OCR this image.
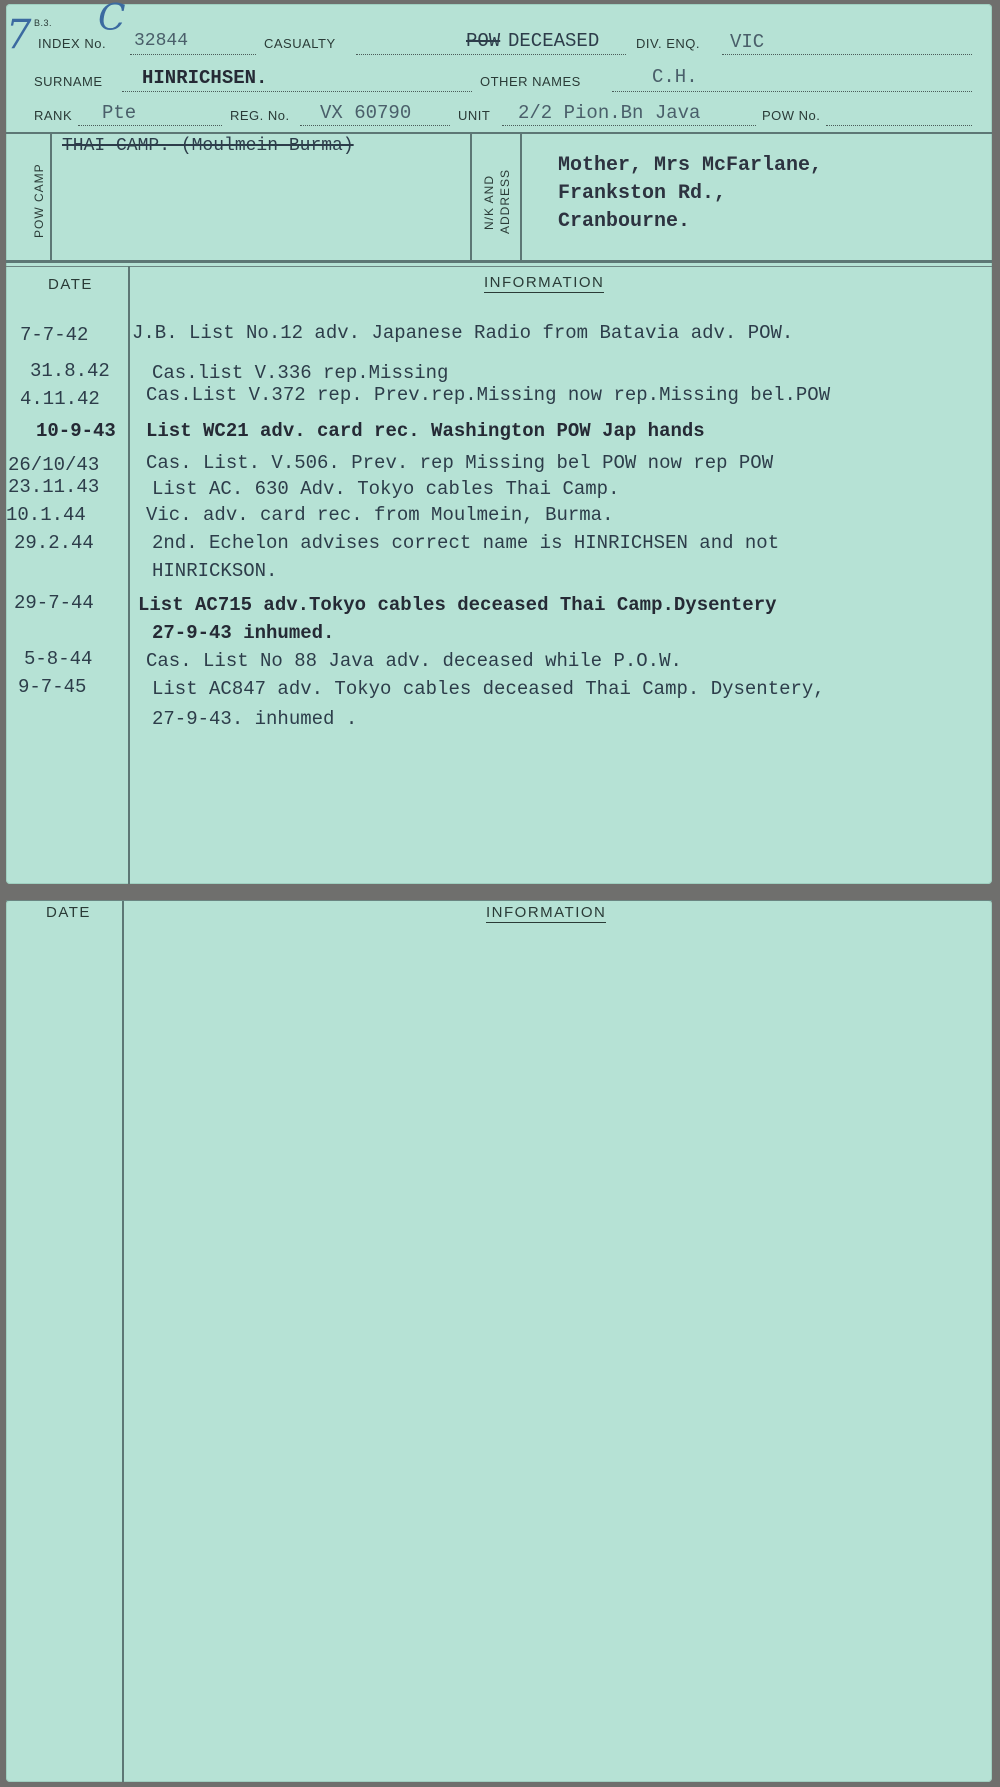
7 C
B.3.
INDEX No. 32844	CASUALTY	POW DECEASED	DIV. ENQ. VIC
SURNAME HINRICHSEN.	OTHER NAMES	C.H.
RANK Pte	REG. No. VX 60790	UNIT 2/2 Pion.Bn Java	POW No.
POW CAMP
THAI CAMP. (Moulmein Burma)
N/K AND ADDRESS
Mother, Mrs McFarlane,
Frankston Rd.,
Cranbourne.
DATE	INFORMATION
7-7-42 J.B. List No.12 adv. Japanese Radio from Batavia adv. POW.
31.8.42 Cas.list V.336 rep.Missing
4.11.42 Cas.List V.372 rep. Prev.rep.Missing now rep.Missing bel.POW
10-9-43 List WC21 adv. card rec. Washington POW Jap hands
26/10/43 Cas. List. V.506. Prev. rep Missing bel POW now rep POW
23.11.43	List AC. 630 Adv. Tokyo cables Thai Camp.
10.1.44	Vic. adv. card rec. from Moulmein, Burma.
29.2.44	2nd. Echelon advises correct name is HINRICHSEN and not
HINRICKSON.
29-7-44 List AC715 adv.Tokyo cables deceased Thai Camp.Dysentery
27-9-43 inhumed.
5-8-44	Cas. List No 88 Java adv. deceased while P.O.W.
9-7-45	List AC847 adv. Tokyo cables deceased Thai Camp. Dysentery,
27-9-43. inhumed .
DATE	INFORMATION
